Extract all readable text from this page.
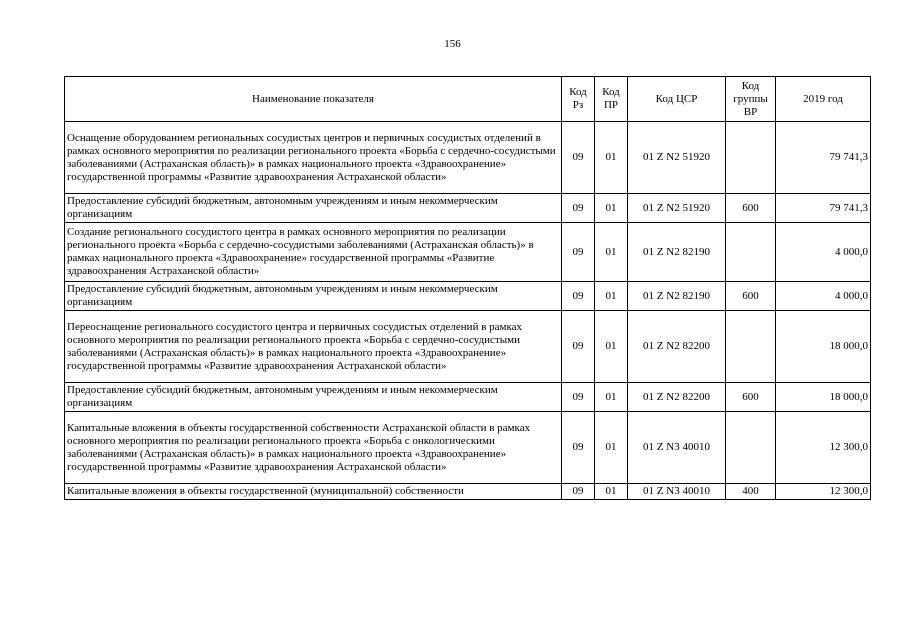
156
Наименование показателя	Код Рз	Код ПР	Код ЦСР	Код группы ВР	2019 год
Оснащение оборудованием региональных сосудистых центров и первичных сосудистых отделений в рамках основного мероприятия по реализации регионального проекта «Борьба с сердечно-сосудистыми заболеваниями (Астраханская область)» в рамках национального проекта «Здравоохранение» государственной программы «Развитие здравоохранения Астраханской области»	09	01	01 Z N2 51920		79 741,3
Предоставление субсидий бюджетным, автономным учреждениям и иным некоммерческим организациям	09	01	01 Z N2 51920	600	79 741,3
Создание регионального сосудистого центра в рамках основного мероприятия по реализации регионального проекта «Борьба с сердечно-сосудистыми заболеваниями (Астраханская область)» в рамках национального проекта «Здравоохранение» государственной программы «Развитие здравоохранения Астраханской области»	09	01	01 Z N2 82190		4 000,0
Предоставление субсидий бюджетным, автономным учреждениям и иным некоммерческим организациям	09	01	01 Z N2 82190	600	4 000,0
Переоснащение регионального сосудистого центра и первичных сосудистых отделений в рамках основного мероприятия по реализации регионального проекта «Борьба с сердечно-сосудистыми заболеваниями (Астраханская область)» в рамках национального проекта «Здравоохранение» государственной программы «Развитие здравоохранения Астраханской области»	09	01	01 Z N2 82200		18 000,0
Предоставление субсидий бюджетным, автономным учреждениям и иным некоммерческим организациям	09	01	01 Z N2 82200	600	18 000,0
Капитальные вложения в объекты государственной собственности Астраханской области в рамках основного мероприятия по реализации регионального проекта «Борьба с онкологическими заболеваниями (Астраханская область)» в рамках национального проекта «Здравоохранение» государственной программы «Развитие здравоохранения Астраханской области»	09	01	01 Z N3 40010		12 300,0
Капитальные вложения в объекты государственной (муниципальной) собственности	09	01	01 Z N3 40010	400	12 300,0
